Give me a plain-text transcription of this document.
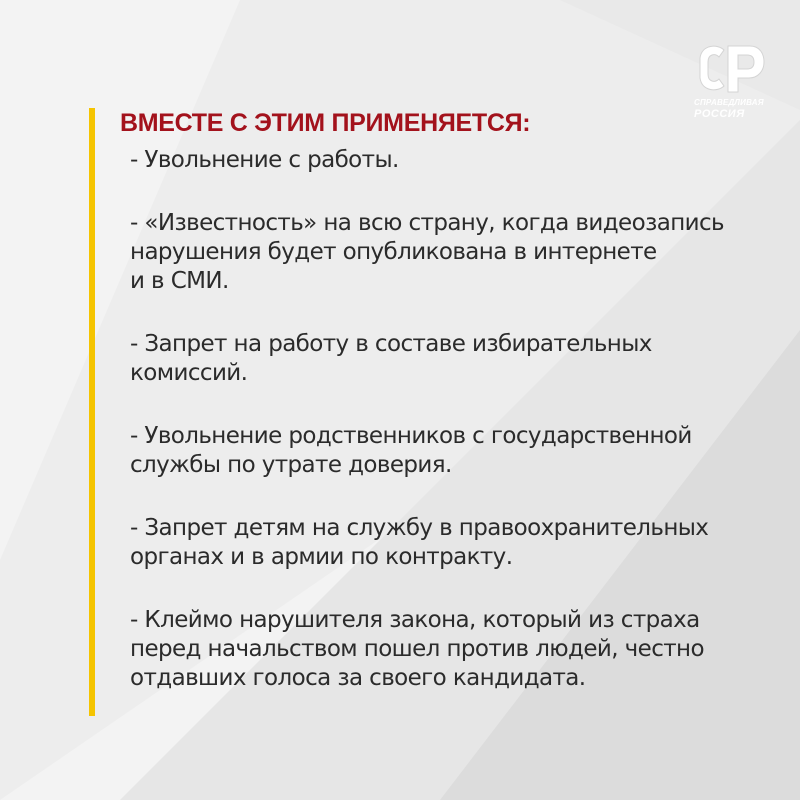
СПРАВЕДЛИВАЯ
РОССИЯ
ВМЕСТЕ С ЭТИМ ПРИМЕНЯЕТСЯ:
- Увольнение с работы.
- «Известность» на всю страну, когда видеозапись
нарушения будет опубликована в интернете
и в СМИ.
- Запрет на работу в составе избирательных
комиссий.
- Увольнение родственников с государственной
службы по утрате доверия.
- Запрет детям на службу в правоохранительных
органах и в армии по контракту.
- Клеймо нарушителя закона, который из страха
перед начальством пошел против людей, честно
отдавших голоса за своего кандидата.
